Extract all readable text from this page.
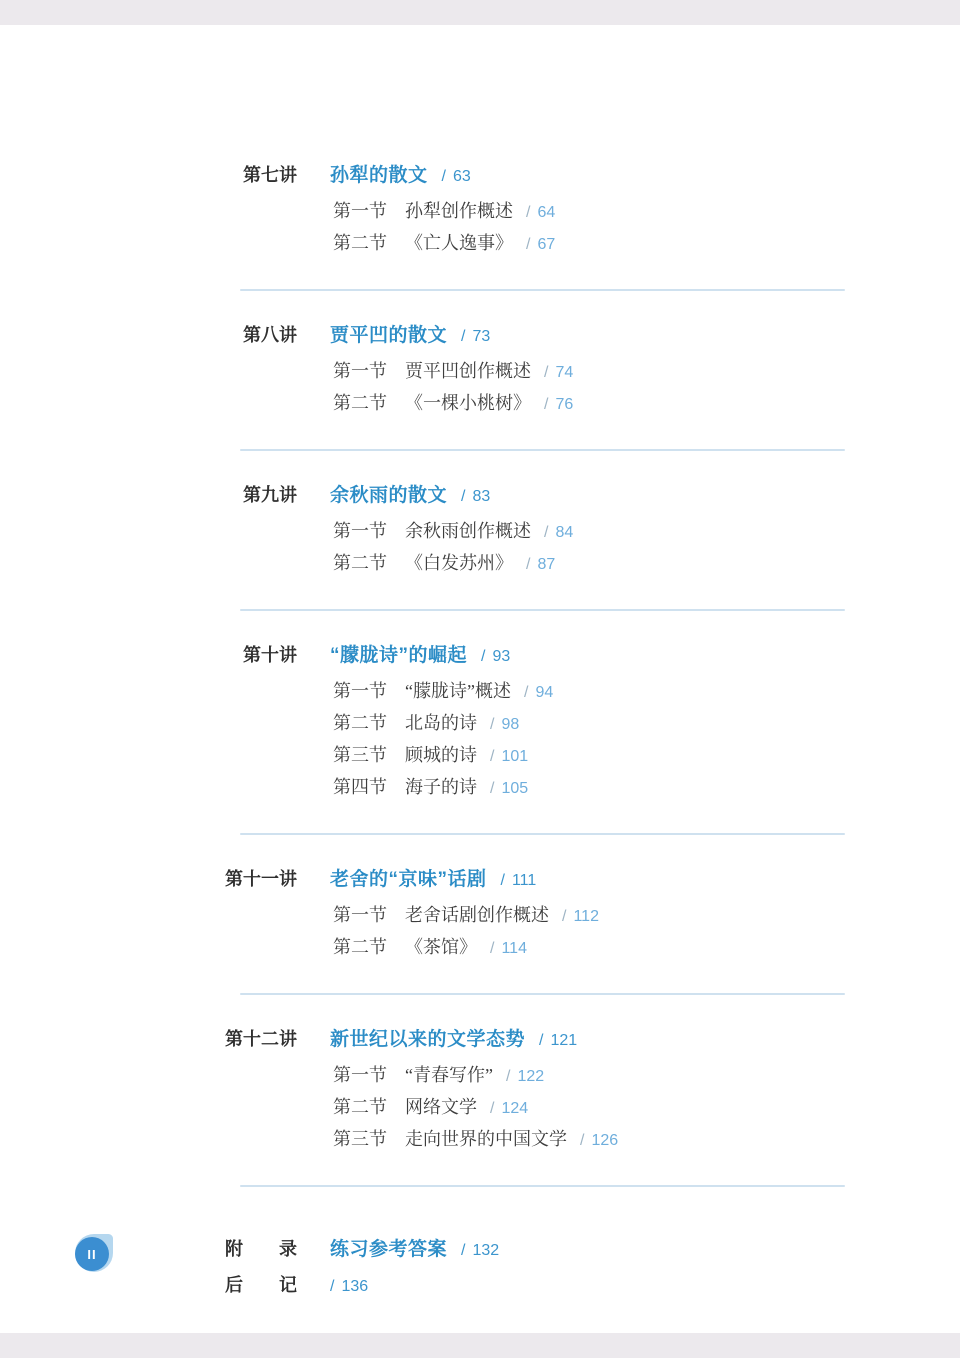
第七讲 孙犁的散文 / 63
第一节 孙犁创作概述 / 64
第二节 《亡人逸事》 / 67
第八讲 贾平凹的散文 / 73
第一节 贾平凹创作概述 / 74
第二节 《一棵小桃树》 / 76
第九讲 余秋雨的散文 / 83
第一节 余秋雨创作概述 / 84
第二节 《白发苏州》 / 87
第十讲 “朦胧诗”的崛起 / 93
第一节 “朦胧诗”概述 / 94
第二节 北岛的诗 / 98
第三节 顾城的诗 / 101
第四节 海子的诗 / 105
第十一讲 老舍的“京味”话剧 / 111
第一节 老舍话剧创作概述 / 112
第二节 《茶馆》 / 114
第十二讲 新世纪以来的文学态势 / 121
第一节 “青春写作” / 122
第二节 网络文学 / 124
第三节 走向世界的中国文学 / 126
附录 练习参考答案 / 132
后记 / 136
II
